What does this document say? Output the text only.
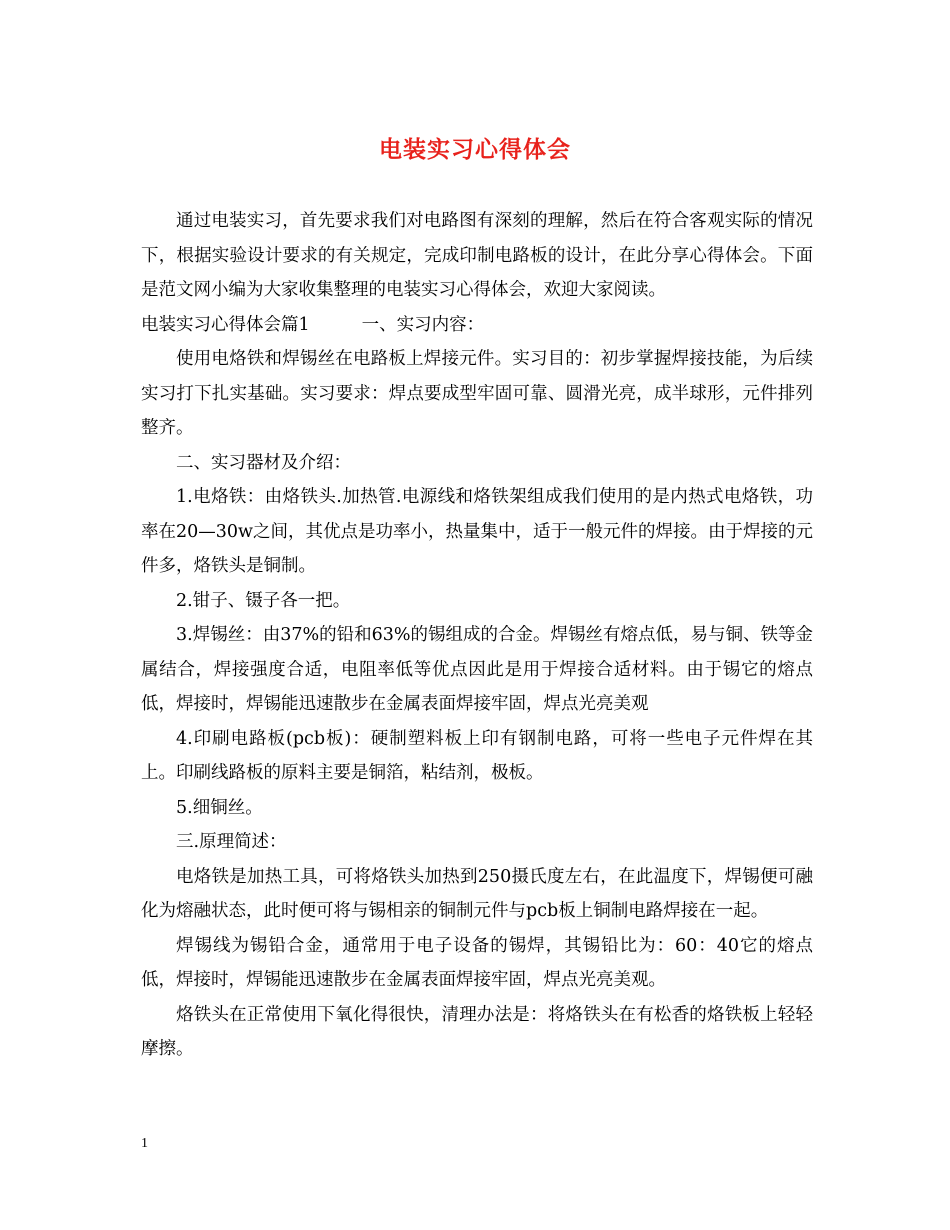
电装实习心得体会

通过电装实习，首先要求我们对电路图有深刻的理解，然后在符合客观实际的情况下，根据实验设计要求的有关规定，完成印制电路板的设计，在此分享心得体会。下面是范文网小编为大家收集整理的电装实习心得体会，欢迎大家阅读。

电装实习心得体会篇1	一、实习内容：

使用电烙铁和焊锡丝在电路板上焊接元件。实习目的：初步掌握焊接技能，为后续实习打下扎实基础。实习要求：焊点要成型牢固可靠、圆滑光亮，成半球形，元件排列整齐。

二、实习器材及介绍：

1.电烙铁：由烙铁头.加热管.电源线和烙铁架组成我们使用的是内热式电烙铁，功率在20—30w之间，其优点是功率小，热量集中，适于一般元件的焊接。由于焊接的元件多，烙铁头是铜制。

2.钳子、镊子各一把。

3.焊锡丝：由37%的铅和63%的锡组成的合金。焊锡丝有熔点低，易与铜、铁等金属结合，焊接强度合适，电阻率低等优点因此是用于焊接合适材料。由于锡它的熔点低，焊接时，焊锡能迅速散步在金属表面焊接牢固，焊点光亮美观

4.印刷电路板(pcb板)：硬制塑料板上印有钢制电路，可将一些电子元件焊在其上。印刷线路板的原料主要是铜箔，粘结剂，极板。

5.细铜丝。

三.原理简述：

电烙铁是加热工具，可将烙铁头加热到250摄氏度左右，在此温度下，焊锡便可融化为熔融状态，此时便可将与锡相亲的铜制元件与pcb板上铜制电路焊接在一起。

焊锡线为锡铅合金，通常用于电子设备的锡焊，其锡铅比为：60：40它的熔点低，焊接时，焊锡能迅速散步在金属表面焊接牢固，焊点光亮美观。

烙铁头在正常使用下氧化得很快，清理办法是：将烙铁头在有松香的烙铁板上轻轻摩擦。

1
